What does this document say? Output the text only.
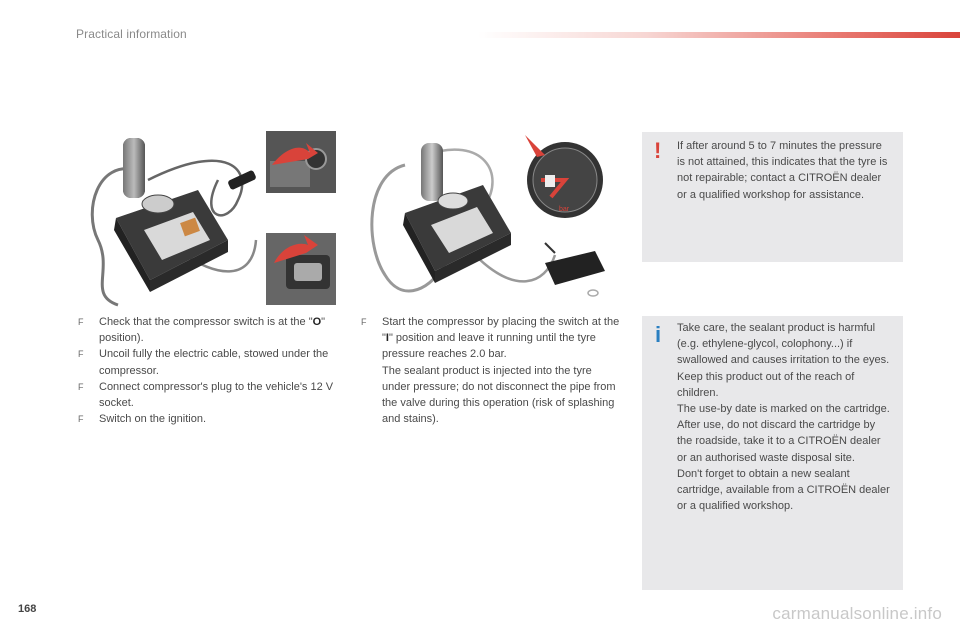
Practical information
bar
F Check that the compressor switch is at the "O" position).
F Uncoil fully the electric cable, stowed under the compressor.
F Connect compressor's plug to the vehicle's 12 V socket.
F Switch on the ignition.
F Start the compressor by placing the switch at the "I" position and leave it running until the tyre pressure reaches 2.0 bar.
The sealant product is injected into the tyre under pressure; do not disconnect the pipe from the valve during this operation (risk of splashing and stains).
! If after around 5 to 7 minutes the pressure is not attained, this indicates that the tyre is not repairable; contact a CITROËN dealer or a qualified workshop for assistance.
i Take care, the sealant product is harmful (e.g. ethylene-glycol, colophony...) if swallowed and causes irritation to the eyes.
Keep this product out of the reach of children.
The use-by date is marked on the cartridge.
After use, do not discard the cartridge by the roadside, take it to a CITROËN dealer or an authorised waste disposal site.
Don't forget to obtain a new sealant cartridge, available from a CITROËN dealer or a qualified workshop.
168	carmanualsonline.info
